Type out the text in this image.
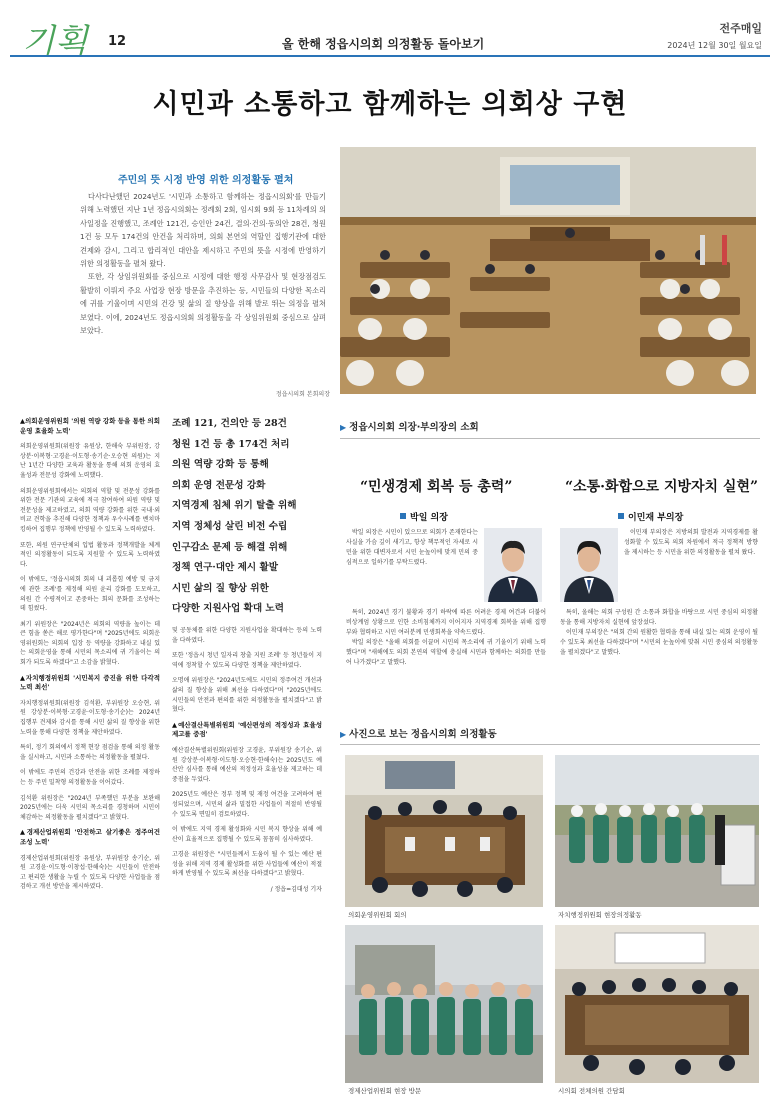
기획 12	올 한해 정읍시의회 의정활동 돌아보기
전주매일
2024년 12월 30일 월요일
시민과 소통하고 함께하는 의회상 구현
주민의 뜻 시정 반영 위한 의정활동 펼쳐

다사다난했던 2024년도 '시민과 소통하고 함께하는 정읍시의회'를 만들기 위해 노력했던 지난 1년 정읍시의회는 정례회 2회, 임시회 9회 등 11차례의 의사일정을 진행했고, 조례안 121건, 승인안 24건, 결의·건의·동의안 28건, 청원 1건 등 모두 174건의 안건을 처리하며, 의회 본연의 역할인 집행기관에 대한 견제와 감시, 그리고 합리적인 대안을 제시하고 주민의 뜻을 시정에 반영하기 위한 의정활동을 펼쳐 왔다.

또한, 각 상임위원회를 중심으로 시정에 대한 행정 사무감사 및 현장점검도 활발히 이뤄져 주요 사업장 현장 방문을 추진하는 등, 시민들의 다양한 목소리에 귀를 기울이며 시민의 건강 및 삶의 질 향상을 위해 발로 뛰는 의정을 펼쳐 보였다. 이에, 2024년도 정읍시의회 의정활동을 각 상임위원회 중심으로 살펴보았다.

정읍시의회 본회의장

▲의회운영위원회 '의원 역량 강화 등을 통한 의회운영 효율화 노력'

의회운영위원회(위원장 유원상, 한해숙 부위원장, 강상분·이복형·고경윤·이도형·송기순·오승현 의원)는 지난 1년간 다양한 교육과 활동을 통해 의회 운영의 효율성과 전문성 강화에 노력했다.

의회운영위원회에서는 의회의 역할 및 전문성 강화를 위한 전문 기관의 교육에 적극 참여하여 의원 역량 및 전문성을 제고하였고, 의회 역량 강화를 위한 국내·외 비교 견학을 추진해 다양한 정책과 우수사례를 벤치마킹하여 집행부 정책에 반영될 수 있도록 노력하였다.

또한, 의원 연구단체의 입법 활동과 정책개발을 체계적인 의정활동이 되도록 지원할 수 있도록 노력하였다.

이 밖에도, '정읍시의회 회의 내 괴롭힘 예방 및 금지에 관한 조례'를 제정해 의원 윤리 강화를 도모하고, 의원 간 수평적이고 존중하는 회의 문화를 조성하는 데 힘썼다.

최기 위원장은 "2024년은 의회의 역량을 높이는 데 큰 힘을 쏟은 해로 평가한다"며 "2025년에도 의회운영위원회는 의회의 입장 등 역량을 강화하고 내실 있는 의회운영을 통해 시민의 목소리에 귀 기울이는 의회가 되도록 하겠다"고 소감을 밝혔다.

▲자치행정위원회 '시민복지 증진을 위한 다각적 노력 최선'

자치행정위원회(위원장 김석환, 부위원장 오승현, 위원 강상분·이복형·고경윤·이도형·송기순)는 2024년 집행부 견제와 감시를 통해 시민 삶의 질 향상을 위한 노력을 통해 다양한 정책을 제안하였다.

특히, 정기 회의에서 정책 현장 점검을 통해 의정 활동을 실시하고, 시민과 소통하는 의정활동을 펼쳤다.

이 밖에도 주민의 건강과 안전을 위한 조례를 제정하는 등 주민 밀착형 의정활동을 이어갔다.

김석환 위원장은 "2024년 부족했던 부분을 보완해 2025년에는 더욱 시민의 목소리를 경청하며 시민이 체감하는 의정활동을 펼치겠다"고 밝혔다.

▲경제산업위원회 '안전하고 살기좋은 정주여건 조성 노력'

경제산업위원회(위원장 유원상, 부위원장 송기순, 위원 고경윤·이도형·이창섭·한해숙)는 시민들이 안전하고 편리한 생활을 누릴 수 있도록 다양한 사업들을 점검하고 개선 방안을 제시하였다.

조례 121, 건의안 등 28건
청원 1건 등 총 174건 처리
의원 역량 강화 등 통해
의회 운영 전문성 강화
지역경제 침체 위기 탈출 위해
지역 정체성 살린 비전 수립
인구감소 문제 등 해결 위해
정책 연구·대안 제시 활발
시민 삶의 질 향상 위한
다양한 지원사업 확대 노력

및 공동체를 위한 다양한 지원사업을 확대하는 등의 노력을 다하였다.

또한 '정읍시 청년 일자리 창출 지원 조례' 등 청년들이 지역에 정착할 수 있도록 다양한 정책을 제안하였다.

오명애 위원장은 "2024년도에도 시민의 정주여건 개선과 삶의 질 향상을 위해 최선을 다하였다"며 "2025년에도 시민들의 안전과 편의를 위한 의정활동을 펼치겠다"고 밝혔다.

▲예산결산특별위원회 '예산편성의 적정성과 효율성 제고를 중점'

예산결산특별위원회(위원장 고경윤, 부위원장 송기순, 위원 강상분·이복형·이도형·오승현·한해숙)는 2025년도 예산안 심사를 통해 예산의 적정성과 효율성을 제고하는 데 중점을 두었다.

2025년도 예산은 정부 정책 및 재정 여건을 고려하여 편성되었으며, 시민의 삶과 밀접한 사업들이 적절히 반영될 수 있도록 면밀히 검토하였다.

이 밖에도 지역 경제 활성화와 시민 복지 향상을 위해 예산이 효율적으로 집행될 수 있도록 꼼꼼히 심사하였다.

고경윤 위원장은 "시민들께서 도움이 될 수 있는 예산 편성을 위해 지역 경제 활성화를 위한 사업들에 예산이 적절하게 반영될 수 있도록 최선을 다하겠다"고 밝혔다.

/ 정읍=김대성 기자

▶ 정읍시의회 의장·부의장의 소회
“민생경제 회복 등 총력”	“소통·화합으로 지방자치 실현”
박일 의장	이민재 부의장

박일 의장은 시민이 있으므로 의회가 존재한다는 사실을 가슴 깊이 새기고, 항상 책무적인 자세로 시민을 위한 대변자로서 시민 눈높이에 맞게 민의 중심적으로 일하기를 부탁드렸다.

특히, 2024년 경기 불황과 경기 하락에 따른 어려운 경제 여건과 더불어 비상계엄 상황으로 인한 소비침체까지 이어지자 지역경제 회복을 위해 집행부와 협력하고 시민 여러분께 민생회복을 약속드렸다.

박일 의장은 "올해 의회를 이끌며 시민의 목소리에 귀 기울이기 위해 노력했다"며 "새해에도 의회 본연의 역할에 충실해 시민과 함께하는 의회를 만들어 나가겠다"고 말했다.

이민재 부의장은 지방의회 발전과 지역경제를 활성화할 수 있도록 의회 차원에서 적극 정책적 방향을 제시하는 등 시민을 위한 의정활동을 펼쳐 왔다.

특히, 올해는 의회 구성원 간 소통과 화합을 바탕으로 시민 중심의 의정활동을 통해 지방자치 실현에 앞장섰다.

이민재 부의장은 "의회 간의 원활한 협력을 통해 내실 있는 의회 운영이 될 수 있도록 최선을 다하겠다"며 "시민의 눈높이에 맞춰 시민 중심의 의정활동을 펼치겠다"고 말했다.

▶ 사진으로 보는 정읍시의회 의정활동
의회운영위원회 회의	자치행정위원회 현장의정활동
경제산업위원회 현장 방문	시의회 전체의원 간담회
